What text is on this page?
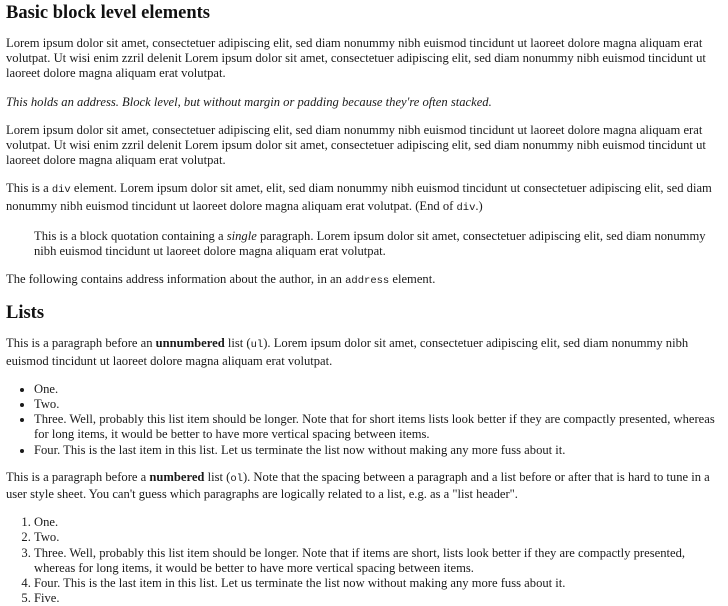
Basic block level elements

Lorem ipsum dolor sit amet, consectetuer adipiscing elit, sed diam nonummy nibh euismod tincidunt ut laoreet dolore magna aliquam erat volutpat. Ut wisi enim zzril delenit Lorem ipsum dolor sit amet, consectetuer adipiscing elit, sed diam nonummy nibh euismod tincidunt ut laoreet dolore magna aliquam erat volutpat.

This holds an address. Block level, but without margin or padding because they're often stacked.

Lorem ipsum dolor sit amet, consectetuer adipiscing elit, sed diam nonummy nibh euismod tincidunt ut laoreet dolore magna aliquam erat volutpat. Ut wisi enim zzril delenit Lorem ipsum dolor sit amet, consectetuer adipiscing elit, sed diam nonummy nibh euismod tincidunt ut laoreet dolore magna aliquam erat volutpat.

This is a div element. Lorem ipsum dolor sit amet, elit, sed diam nonummy nibh euismod tincidunt ut consectetuer adipiscing elit, sed diam nonummy nibh euismod tincidunt ut laoreet dolore magna aliquam erat volutpat. (End of div.)

This is a block quotation containing a single paragraph. Lorem ipsum dolor sit amet, consectetuer adipiscing elit, sed diam nonummy nibh euismod tincidunt ut laoreet dolore magna aliquam erat volutpat.

The following contains address information about the author, in an address element.

Lists

This is a paragraph before an unnumbered list (ul). Lorem ipsum dolor sit amet, consectetuer adipiscing elit, sed diam nonummy nibh euismod tincidunt ut laoreet dolore magna aliquam erat volutpat.

• One.
• Two.
• Three. Well, probably this list item should be longer. Note that for short items lists look better if they are compactly presented, whereas for long items, it would be better to have more vertical spacing between items.
• Four. This is the last item in this list. Let us terminate the list now without making any more fuss about it.

This is a paragraph before a numbered list (ol). Note that the spacing between a paragraph and a list before or after that is hard to tune in a user style sheet. You can't guess which paragraphs are logically related to a list, e.g. as a "list header".

1. One.
2. Two.
3. Three. Well, probably this list item should be longer. Note that if items are short, lists look better if they are compactly presented, whereas for long items, it would be better to have more vertical spacing between items.
4. Four. This is the last item in this list. Let us terminate the list now without making any more fuss about it.
5. Five.
